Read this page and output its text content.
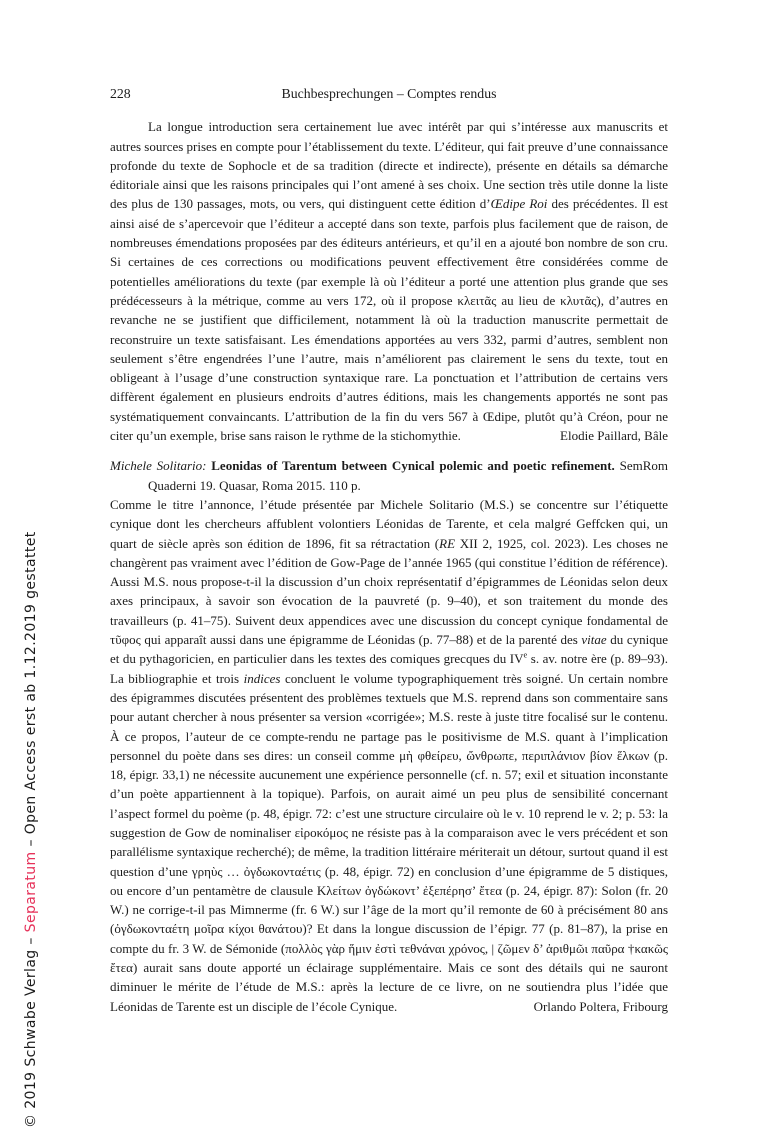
© 2019 Schwabe Verlag – Separatum – Open Access erst ab 1.12.2019 gestattet
228	Buchbesprechungen – Comptes rendus

La longue introduction sera certainement lue avec intérêt par qui s’intéresse aux manuscrits et autres sources prises en compte pour l’établissement du texte. L’éditeur, qui fait preuve d’une connaissance profonde du texte de Sophocle et de sa tradition (directe et indirecte), présente en détails sa démarche éditoriale ainsi que les raisons principales qui l’ont amené à ses choix. Une section très utile donne la liste des plus de 130 passages, mots, ou vers, qui distinguent cette édition d’Œdipe Roi des précédentes. Il est ainsi aisé de s’apercevoir que l’éditeur a accepté dans son texte, parfois plus facilement que de raison, de nombreuses émendations proposées par des éditeurs antérieurs, et qu’il en a ajouté bon nombre de son cru. Si certaines de ces corrections ou modifications peuvent effectivement être considérées comme de potentielles améliorations du texte (par exemple là où l’éditeur a porté une attention plus grande que ses prédécesseurs à la métrique, comme au vers 172, où il propose κλειτᾶς au lieu de κλυτᾶς), d’autres en revanche ne se justifient que difficilement, notamment là où la traduction manuscrite permettait de reconstruire un texte satisfaisant. Les émendations apportées au vers 332, parmi d’autres, semblent non seulement s’être engendrées l’une l’autre, mais n’améliorent pas clairement le sens du texte, tout en obligeant à l’usage d’une construction syntaxique rare. La ponctuation et l’attribution de certains vers diffèrent également en plusieurs endroits d’autres éditions, mais les changements apportés ne sont pas systématiquement convaincants. L’attribution de la fin du vers 567 à Œdipe, plutôt qu’à Créon, pour ne citer qu’un exemple, brise sans raison le rythme de la stichomythie.	Elodie Paillard, Bâle

Michele Solitario: Leonidas of Tarentum between Cynical polemic and poetic refinement. SemRom Quaderni 19. Quasar, Roma 2015. 110 p.

Comme le titre l’annonce, l’étude présentée par Michele Solitario (M.S.) se concentre sur l’étiquette cynique dont les chercheurs affublent volontiers Léonidas de Tarente, et cela malgré Geffcken qui, un quart de siècle après son édition de 1896, fit sa rétractation (RE XII 2, 1925, col. 2023). Les choses ne changèrent pas vraiment avec l’édition de Gow-Page de l’année 1965 (qui constitue l’édition de référence). Aussi M.S. nous propose-t-il la discussion d’un choix représentatif d’épigrammes de Léonidas selon deux axes principaux, à savoir son évocation de la pauvreté (p. 9–40), et son traitement du monde des travailleurs (p. 41–75). Suivent deux appendices avec une discussion du concept cynique fondamental de τῦφος qui apparaît aussi dans une épigramme de Léonidas (p. 77–88) et de la parenté des vitae du cynique et du pythagoricien, en particulier dans les textes des comiques grecques du IVe s. av. notre ère (p. 89–93). La bibliographie et trois indices concluent le volume typographiquement très soigné. Un certain nombre des épigrammes discutées présentent des problèmes textuels que M.S. reprend dans son commentaire sans pour autant chercher à nous présenter sa version «corrigée»; M.S. reste à juste titre focalisé sur le contenu. À ce propos, l’auteur de ce compte-rendu ne partage pas le positivisme de M.S. quant à l’implication personnel du poète dans ses dires: un conseil comme μὴ φθείρευ, ὤνθρωπε, περιπλάνιον βίον ἕλκων (p. 18, épigr. 33,1) ne nécessite aucunement une expérience personnelle (cf. n. 57; exil et situation inconstante d’un poète appartiennent à la topique). Parfois, on aurait aimé un peu plus de sensibilité concernant l’aspect formel du poème (p. 48, épigr. 72: c’est une structure circulaire où le v. 10 reprend le v. 2; p. 53: la suggestion de Gow de nominaliser εἰροκόμος ne résiste pas à la comparaison avec le vers précédent et son parallélisme syntaxique recherché); de même, la tradition littéraire mériterait un détour, surtout quand il est question d’une γρηὺς … ὀγδωκονταέτις (p. 48, épigr. 72) en conclusion d’une épigramme de 5 distiques, ou encore d’un pentamètre de clausule Κλείτων ὀγδώκοντ’ ἐξεπέρησ’ ἔτεα (p. 24, épigr. 87): Solon (fr. 20 W.) ne corrige-t-il pas Mimnerme (fr. 6 W.) sur l’âge de la mort qu’il remonte de 60 à précisément 80 ans (ὀγδωκονταέτη μοῖρα κίχοι θανάτου)? Et dans la longue discussion de l’épigr. 77 (p. 81–87), la prise en compte du fr. 3 W. de Sémonide (πολλὸς γὰρ ἥμιν ἐστὶ τεθνάναι χρόνος, | ζῶμεν δ’ ἀριθμῶι παῦρα †κακῶς ἔτεα) aurait sans doute apporté un éclairage supplémentaire. Mais ce sont des détails qui ne sauront diminuer le mérite de l’étude de M.S.: après la lecture de ce livre, on ne soutiendra plus l’idée que Léonidas de Tarente est un disciple de l’école Cynique.	Orlando Poltera, Fribourg
